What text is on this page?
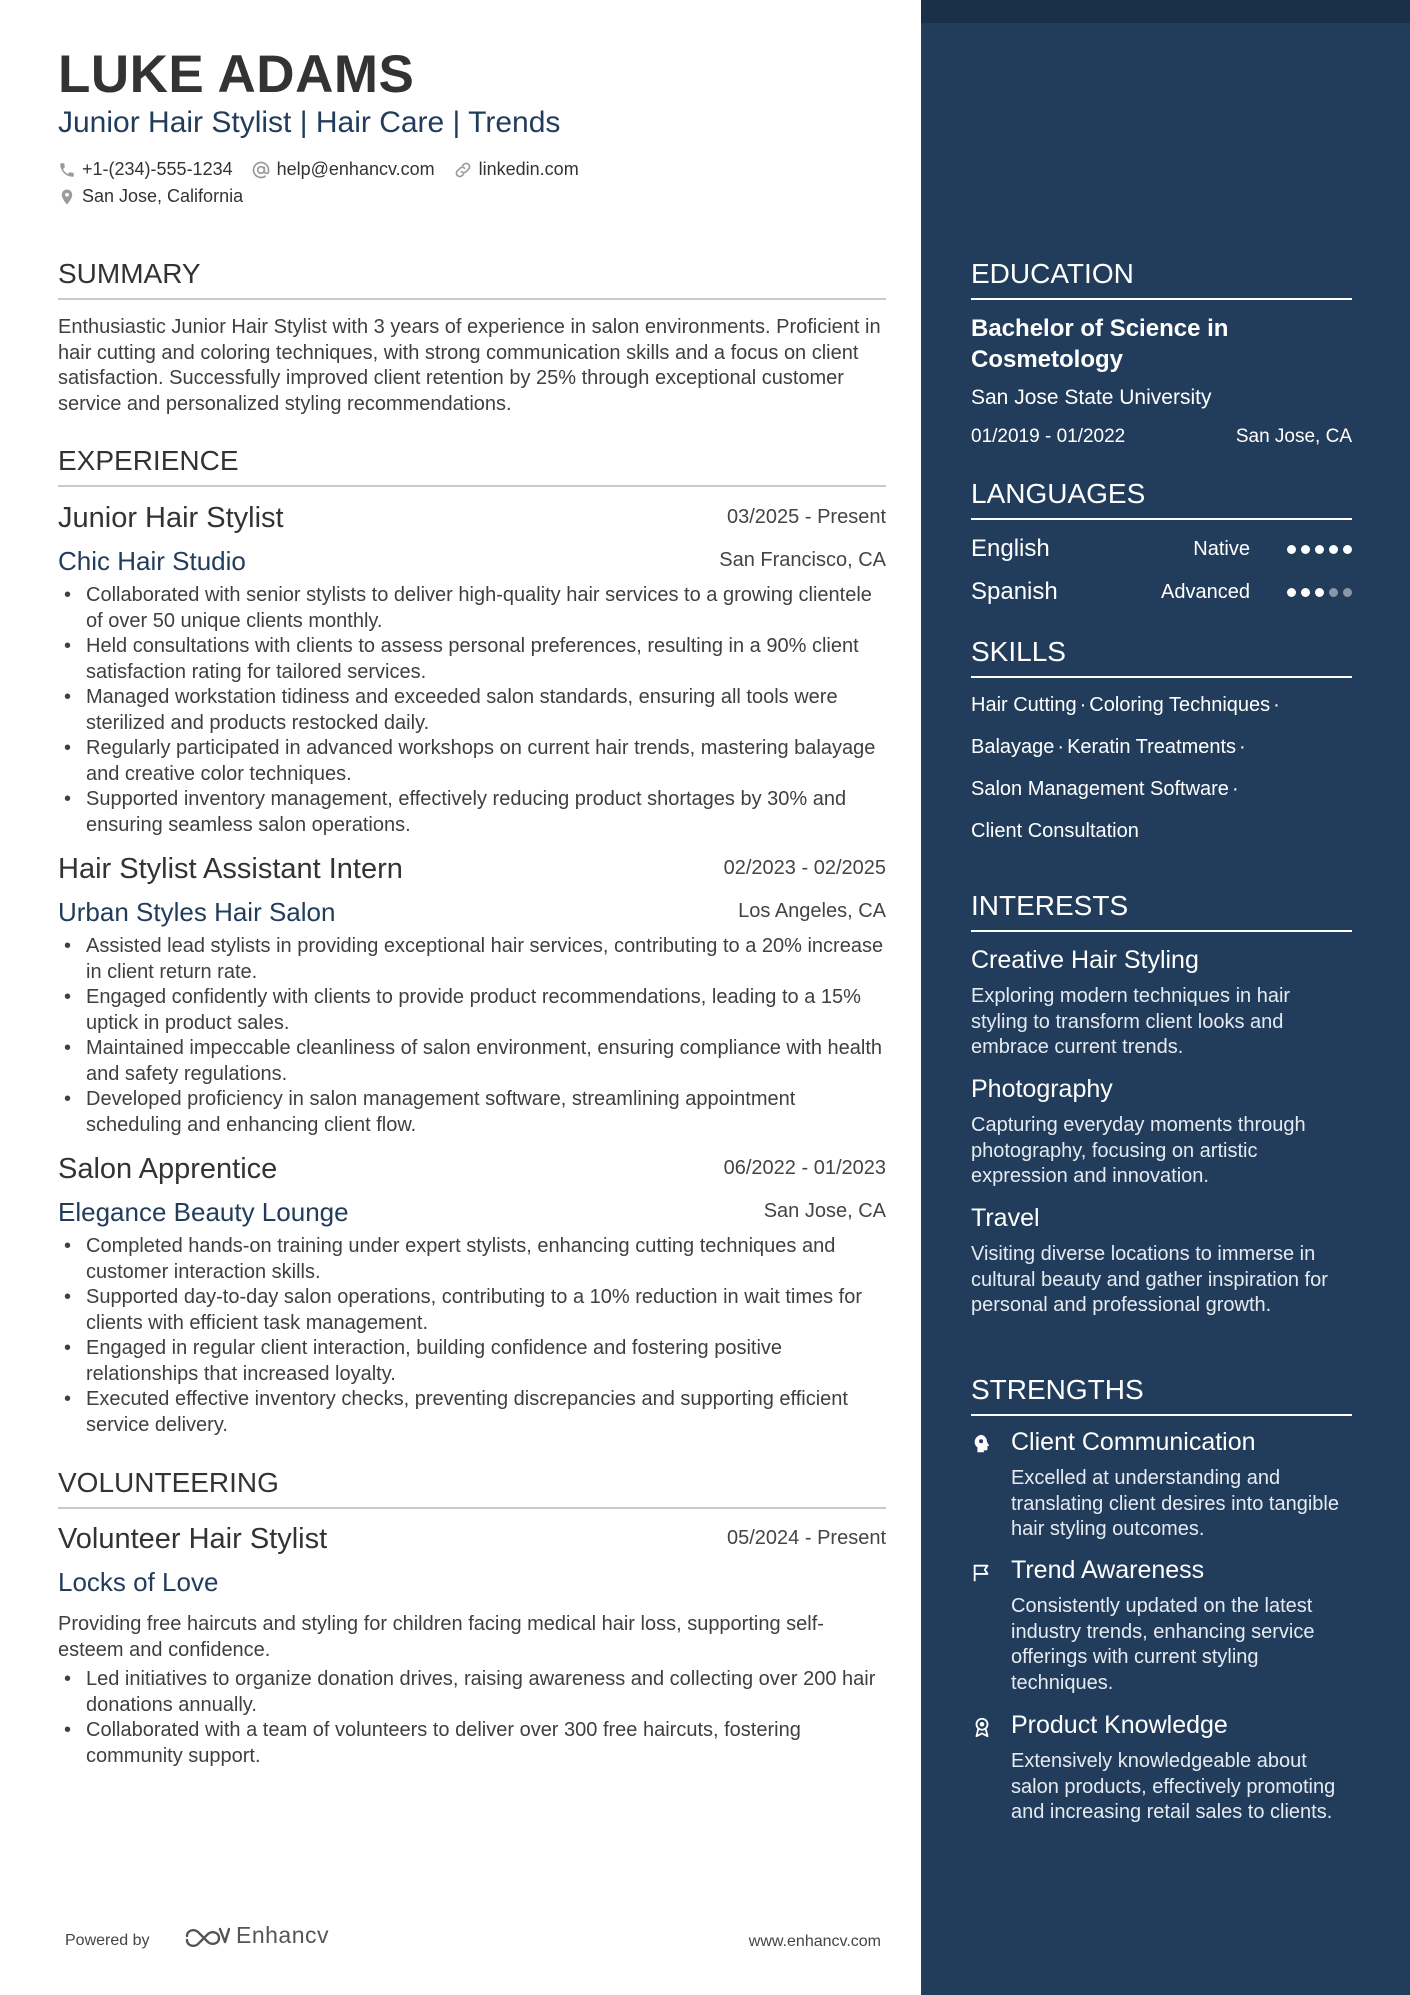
LUKE ADAMS
Junior Hair Stylist | Hair Care | Trends
+1-(234)-555-1234 help@enhancv.com linkedin.com
San Jose, California
SUMMARY

Enthusiastic Junior Hair Stylist with 3 years of experience in salon environments. Proficient in hair cutting and coloring techniques, with strong communication skills and a focus on client satisfaction. Successfully improved client retention by 25% through exceptional customer service and personalized styling recommendations.

EXPERIENCE
Junior Hair Stylist	03/2025 - Present
Chic Hair Studio	San Francisco, CA
• Collaborated with senior stylists to deliver high-quality hair services to a growing clientele of over 50 unique clients monthly.
• Held consultations with clients to assess personal preferences, resulting in a 90% client satisfaction rating for tailored services.
• Managed workstation tidiness and exceeded salon standards, ensuring all tools were sterilized and products restocked daily.
• Regularly participated in advanced workshops on current hair trends, mastering balayage and creative color techniques.
• Supported inventory management, effectively reducing product shortages by 30% and ensuring seamless salon operations.
Hair Stylist Assistant Intern	02/2023 - 02/2025
Urban Styles Hair Salon	Los Angeles, CA
• Assisted lead stylists in providing exceptional hair services, contributing to a 20% increase in client return rate.
• Engaged confidently with clients to provide product recommendations, leading to a 15% uptick in product sales.
• Maintained impeccable cleanliness of salon environment, ensuring compliance with health and safety regulations.
• Developed proficiency in salon management software, streamlining appointment scheduling and enhancing client flow.
Salon Apprentice	06/2022 - 01/2023
Elegance Beauty Lounge	San Jose, CA
• Completed hands-on training under expert stylists, enhancing cutting techniques and customer interaction skills.
• Supported day-to-day salon operations, contributing to a 10% reduction in wait times for clients with efficient task management.
• Engaged in regular client interaction, building confidence and fostering positive relationships that increased loyalty.
• Executed effective inventory checks, preventing discrepancies and supporting efficient service delivery.
VOLUNTEERING
Volunteer Hair Stylist	05/2024 - Present
Locks of Love

Providing free haircuts and styling for children facing medical hair loss, supporting self-esteem and confidence.

• Led initiatives to organize donation drives, raising awareness and collecting over 200 hair donations annually.
• Collaborated with a team of volunteers to deliver over 300 free haircuts, fostering community support.
Powered by	Enhancv	www.enhancv.com
EDUCATION
Bachelor of Science in Cosmetology
San Jose State University
01/2019 - 01/2022	San Jose, CA
LANGUAGES
English	Native
Spanish	Advanced
SKILLS
Hair Cutting · Coloring Techniques ·
Balayage · Keratin Treatments ·
Salon Management Software ·
Client Consultation
INTERESTS
Creative Hair Styling
Exploring modern techniques in hair styling to transform client looks and embrace current trends.
Photography
Capturing everyday moments through photography, focusing on artistic expression and innovation.
Travel
Visiting diverse locations to immerse in cultural beauty and gather inspiration for personal and professional growth.
STRENGTHS
Client Communication
Excelled at understanding and translating client desires into tangible hair styling outcomes.
Trend Awareness
Consistently updated on the latest industry trends, enhancing service offerings with current styling techniques.
Product Knowledge
Extensively knowledgeable about salon products, effectively promoting and increasing retail sales to clients.
